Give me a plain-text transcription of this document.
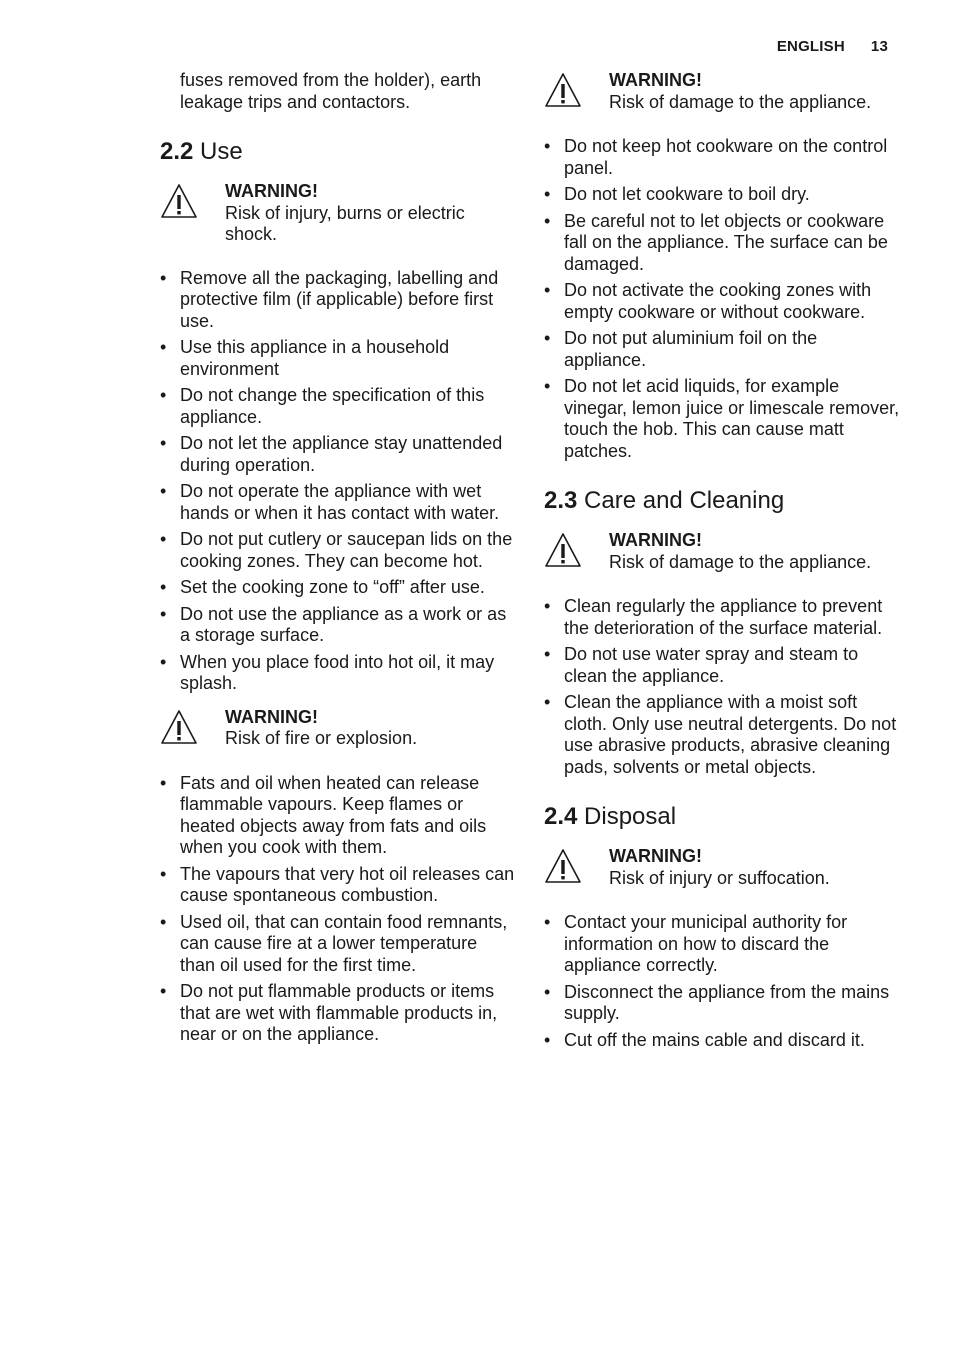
ENGLISH 13
fuses removed from the holder), earth leakage trips and contactors.
2.2 Use
WARNING!
Risk of injury, burns or electric shock.
• Remove all the packaging, labelling and protective film (if applicable) before first use.
• Use this appliance in a household environment
• Do not change the specification of this appliance.
• Do not let the appliance stay unattended during operation.
• Do not operate the appliance with wet hands or when it has contact with water.
• Do not put cutlery or saucepan lids on the cooking zones. They can become hot.
• Set the cooking zone to “off” after use.
• Do not use the appliance as a work or as a storage surface.
• When you place food into hot oil, it may splash.
WARNING!
Risk of fire or explosion.
• Fats and oil when heated can release flammable vapours. Keep flames or heated objects away from fats and oils when you cook with them.
• The vapours that very hot oil releases can cause spontaneous combustion.
• Used oil, that can contain food remnants, can cause fire at a lower temperature than oil used for the first time.
• Do not put flammable products or items that are wet with flammable products in, near or on the appliance.
WARNING!
Risk of damage to the appliance.
• Do not keep hot cookware on the control panel.
• Do not let cookware to boil dry.
• Be careful not to let objects or cookware fall on the appliance. The surface can be damaged.
• Do not activate the cooking zones with empty cookware or without cookware.
• Do not put aluminium foil on the appliance.
• Do not let acid liquids, for example vinegar, lemon juice or limescale remover, touch the hob. This can cause matt patches.
2.3 Care and Cleaning
WARNING!
Risk of damage to the appliance.
• Clean regularly the appliance to prevent the deterioration of the surface material.
• Do not use water spray and steam to clean the appliance.
• Clean the appliance with a moist soft cloth. Only use neutral detergents. Do not use abrasive products, abrasive cleaning pads, solvents or metal objects.
2.4 Disposal
WARNING!
Risk of injury or suffocation.
• Contact your municipal authority for information on how to discard the appliance correctly.
• Disconnect the appliance from the mains supply.
• Cut off the mains cable and discard it.
